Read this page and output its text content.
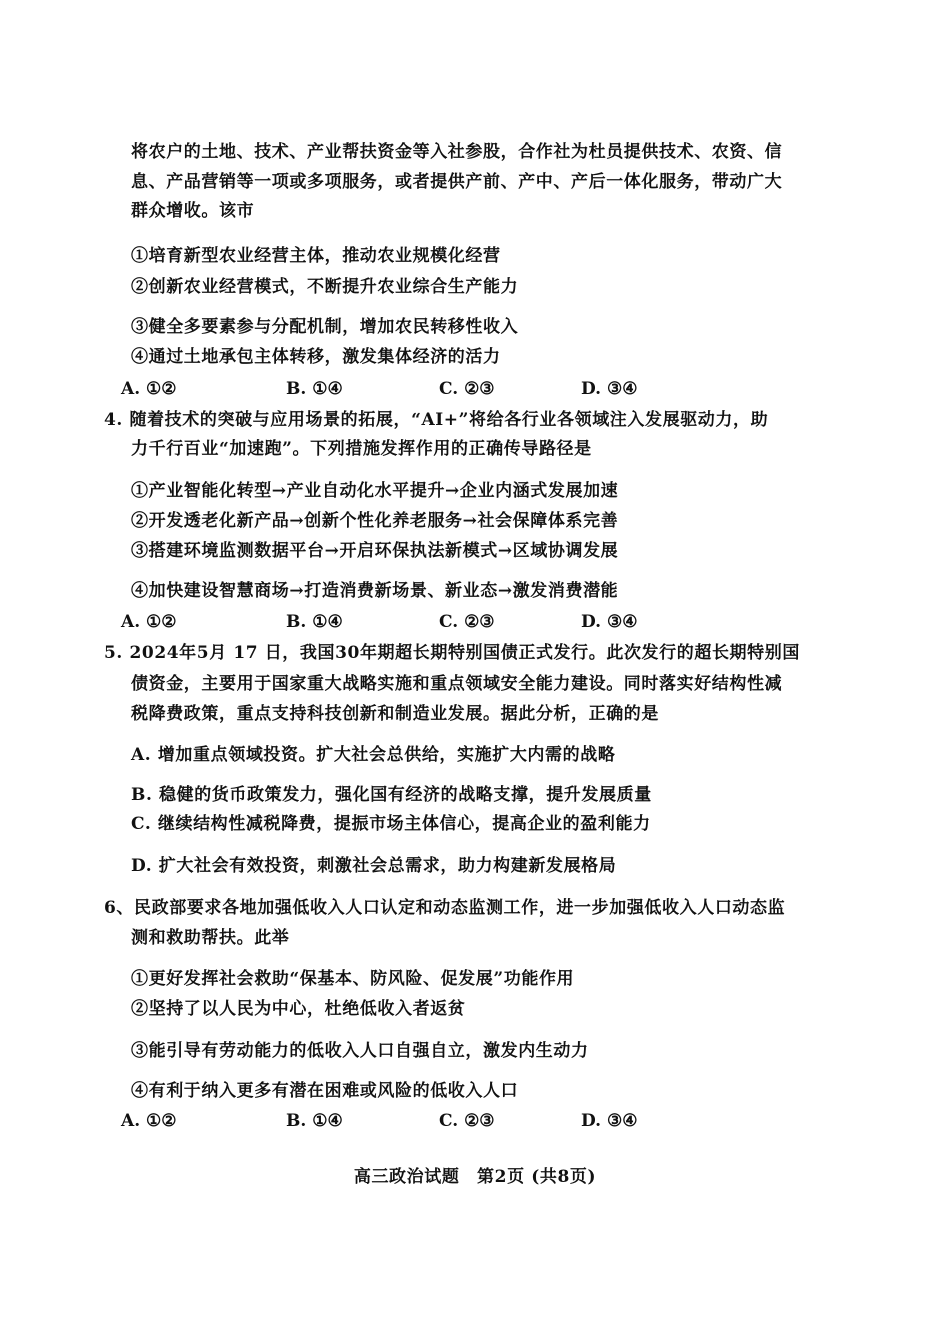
将农户的土地、技术、产业帮扶资金等入社参股，合作社为杜员提供技术、农资、信
息、产品营销等一项或多项服务，或者提供产前、产中、产后一体化服务，带动广大
群众增收。该市
①培育新型农业经营主体，推动农业规模化经营
②创新农业经营模式，不断提升农业综合生产能力
③健全多要素参与分配机制，增加农民转移性收入
④通过土地承包主体转移，激发集体经济的活力
A. ①②	B. ①④	C. ②③	D. ③④
4. 随着技术的突破与应用场景的拓展，“AI+”将给各行业各领域注入发展驱动力，助
力千行百业“加速跑”。下列措施发挥作用的正确传导路径是
①产业智能化转型→产业自动化水平提升→企业内涵式发展加速
②开发透老化新产品→创新个性化养老服务→社会保障体系完善
③搭建环境监测数据平台→开启环保执法新模式→区域协调发展
④加快建设智慧商场→打造消费新场景、新业态→激发消费潜能
A. ①②	B. ①④	C. ②③	D. ③④
5. 2024年5月 17 日，我国30年期超长期特别国债正式发行。此次发行的超长期特别国
债资金，主要用于国家重大战略实施和重点领域安全能力建设。同时落实好结构性减
税降费政策，重点支持科技创新和制造业发展。据此分析，正确的是
A. 增加重点领域投资。扩大社会总供给，实施扩大内需的战略
B. 稳健的货币政策发力，强化国有经济的战略支撑，提升发展质量
C. 继续结构性减税降费，提振市场主体信心，提高企业的盈利能力
D. 扩大社会有效投资，刺激社会总需求，助力构建新发展格局
6、民政部要求各地加强低收入人口认定和动态监测工作，进一步加强低收入人口动态监
测和救助帮扶。此举
①更好发挥社会救助“保基本、防风险、促发展”功能作用
②坚持了以人民为中心，杜绝低收入者返贫
③能引导有劳动能力的低收入人口自强自立，激发内生动力
④有利于纳入更多有潜在困难或风险的低收入人口
A. ①②	B. ①④	C. ②③	D. ③④
高三政治试题　第2页 (共8页)
